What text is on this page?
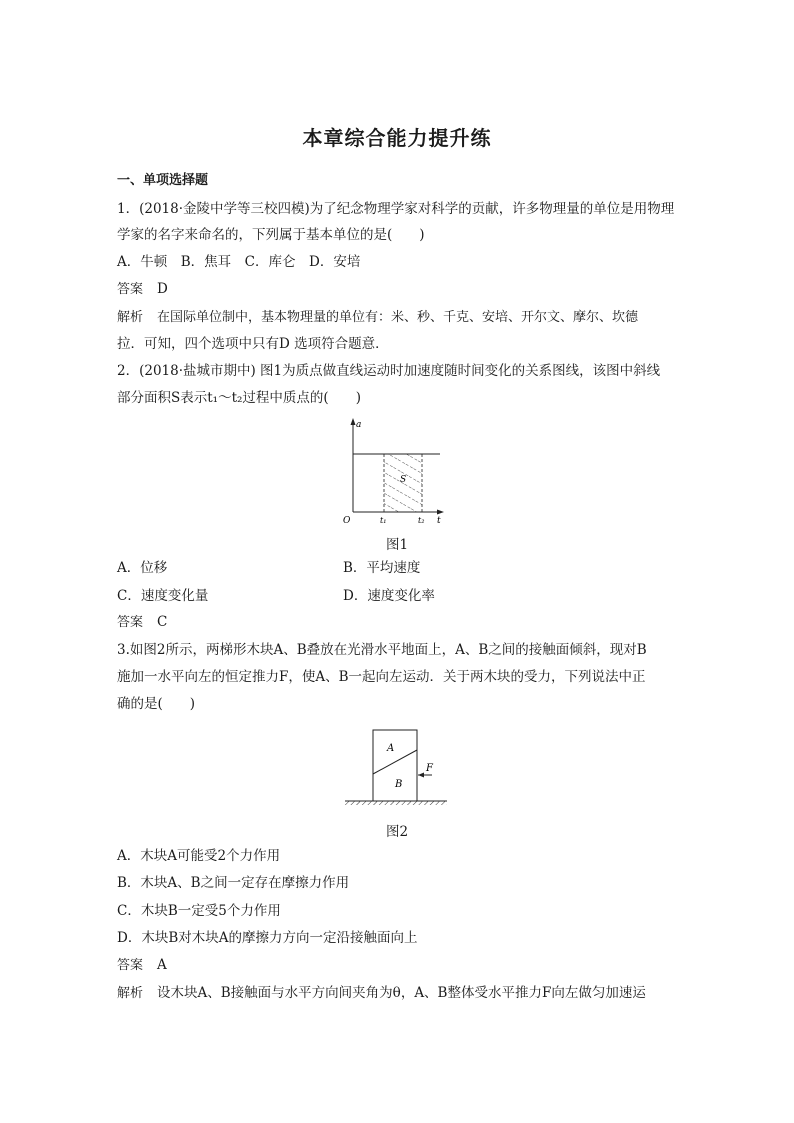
本章综合能力提升练
一、单项选择题
1．(2018·金陵中学等三校四模)为了纪念物理学家对科学的贡献，许多物理量的单位是用物理
学家的名字来命名的，下列属于基本单位的是(　　)
A．牛顿　B．焦耳　C．库仑　D．安培
答案 D
解析 在国际单位制中，基本物理量的单位有：米、秒、千克、安培、开尔文、摩尔、坎德
拉．可知，四个选项中只有D 选项符合题意．
2．(2018·盐城市期中) 图1为质点做直线运动时加速度随时间变化的关系图线，该图中斜线
部分面积S表示t₁～t₂过程中质点的(　　)
a
O	t₁	t₂ t
S
图1
A．位移	B．平均速度
C．速度变化量	D．速度变化率
答案 C
3.如图2所示，两梯形木块A、B叠放在光滑水平地面上，A、B之间的接触面倾斜，现对B
施加一水平向左的恒定推力F，使A、B一起向左运动．关于两木块的受力，下列说法中正
确的是(　　)
A
B
F
图2
A．木块A可能受2个力作用
B．木块A、B之间一定存在摩擦力作用
C．木块B一定受5个力作用
D．木块B对木块A的摩擦力方向一定沿接触面向上
答案 A
解析 设木块A、B接触面与水平方向间夹角为θ，A、B整体受水平推力F向左做匀加速运
